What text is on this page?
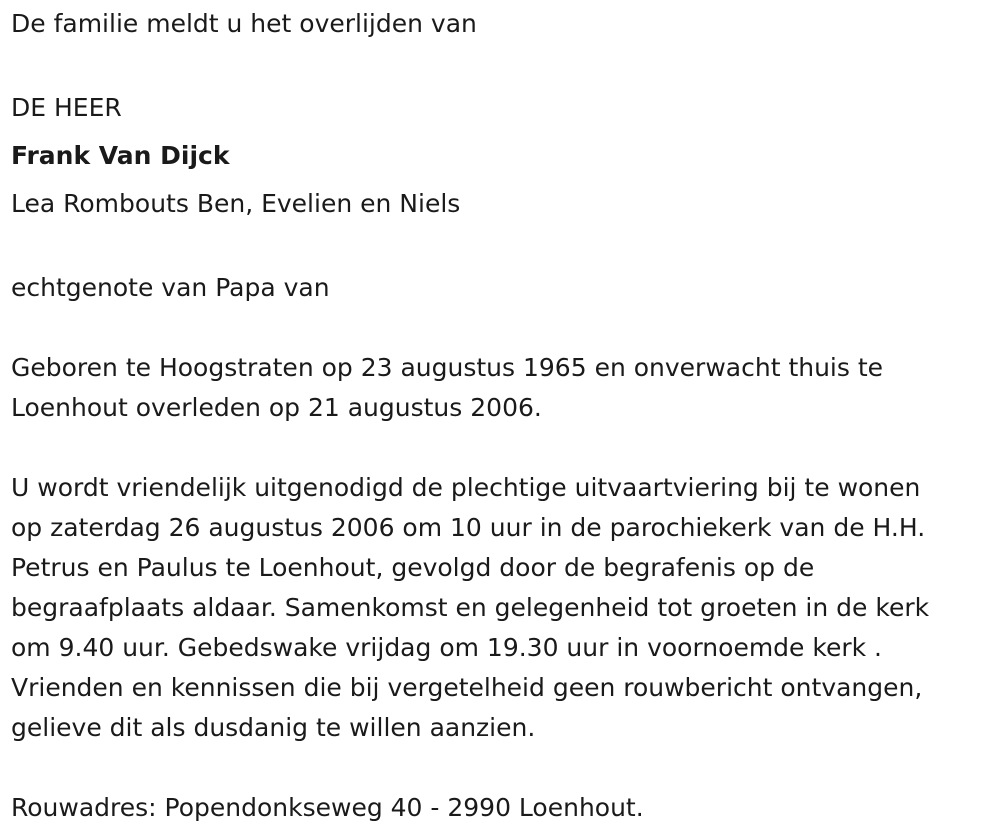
De familie meldt u het overlijden van
DE HEER
Frank Van Dijck
Lea Rombouts Ben, Evelien en Niels
echtgenote van Papa van
Geboren te Hoogstraten op 23 augustus 1965 en onverwacht thuis te
Loenhout overleden op 21 augustus 2006.
U wordt vriendelijk uitgenodigd de plechtige uitvaartviering bij te wonen
op zaterdag 26 augustus 2006 om 10 uur in de parochiekerk van de H.H.
Petrus en Paulus te Loenhout, gevolgd door de begrafenis op de
begraafplaats aldaar. Samenkomst en gelegenheid tot groeten in de kerk
om 9.40 uur. Gebedswake vrijdag om 19.30 uur in voornoemde kerk .
Vrienden en kennissen die bij vergetelheid geen rouwbericht ontvangen,
gelieve dit als dusdanig te willen aanzien.
Rouwadres: Popendonkseweg 40 - 2990 Loenhout.
